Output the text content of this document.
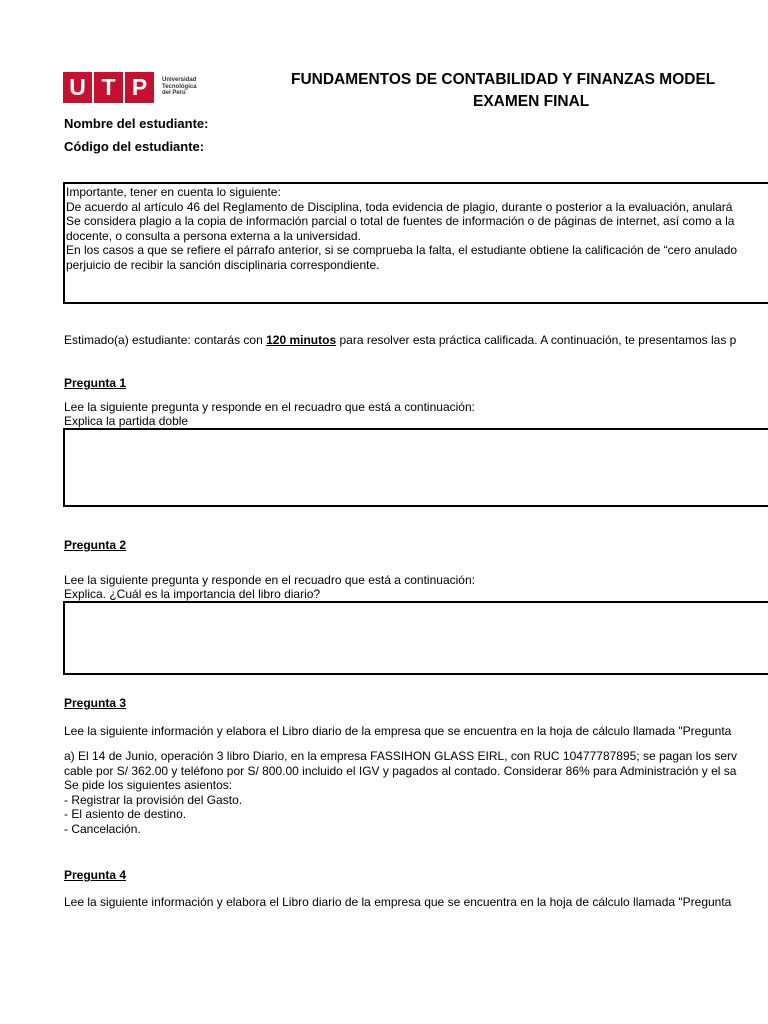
U T P	Universidad
Tecnológica
del Perú
FUNDAMENTOS DE CONTABILIDAD Y FINANZAS MODEL
EXAMEN FINAL
Nombre del estudiante:
Código del estudiante:
Importante, tener en cuenta lo siguiente:
De acuerdo al artículo 46 del Reglamento de Disciplina, toda evidencia de plagio, durante o posterior a la evaluación, anulará
Se considera plagio a la copia de información parcial o total de fuentes de información o de páginas de internet, así como a la
docente, o consulta a persona externa a la universidad.
En los casos a que se refiere el párrafo anterior, si se comprueba la falta, el estudiante obtiene la calificación de “cero anulado
perjuicio de recibir la sanción disciplinaria correspondiente.
Estimado(a) estudiante: contarás con 120 minutos para resolver esta práctica calificada. A continuación, te presentamos las p
Pregunta 1
Lee la siguiente pregunta y responde en el recuadro que está a continuación:
Explica la partida doble
Pregunta 2
Lee la siguiente pregunta y responde en el recuadro que está a continuación:
Explica. ¿Cuál es la importancia del libro diario?
Pregunta 3
Lee la siguiente información y elabora el Libro diario de la empresa que se encuentra en la hoja de cálculo llamada "Pregunta
a) El 14 de Junio, operación 3 libro Diario, en la empresa FASSIHON GLASS EIRL, con RUC 10477787895; se pagan los serv
cable por S/ 362.00 y teléfono por S/ 800.00 incluido el IGV y pagados al contado. Considerar 86% para Administración y el sa
Se pide los siguientes asientos:
- Registrar la provisión del Gasto.
- El asiento de destino.
- Cancelación.
Pregunta 4
Lee la siguiente información y elabora el Libro diario de la empresa que se encuentra en la hoja de cálculo llamada "Pregunta
